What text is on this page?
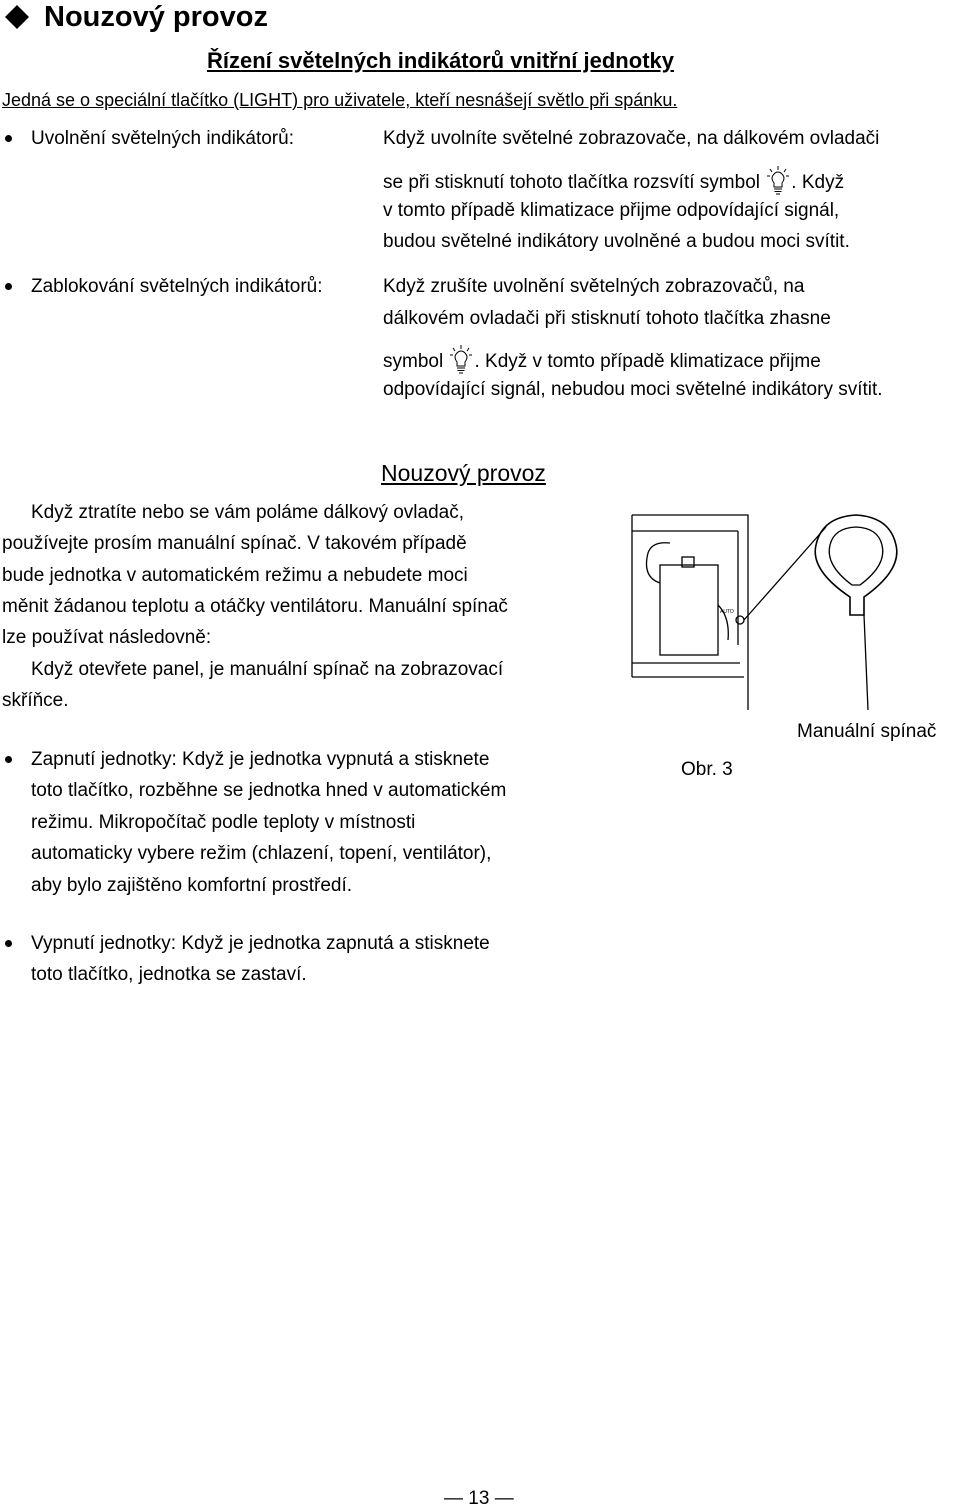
Nouzový provoz
Řízení světelných indikátorů vnitřní jednotky
Jedná se o speciální tlačítko (LIGHT) pro uživatele, kteří nesnášejí světlo při spánku.
Uvolnění světelných indikátorů:	Když uvolníte světelné zobrazovače, na dálkovém ovladači
se při stisknutí tohoto tlačítka rozsvítí symbol . Když
v tomto případě klimatizace přijme odpovídající signál,
budou světelné indikátory uvolněné a budou moci svítit.
Zablokování světelných indikátorů:	Když zrušíte uvolnění světelných zobrazovačů, na
dálkovém ovladači při stisknutí tohoto tlačítka zhasne
symbol . Když v tomto případě klimatizace přijme
odpovídající signál, nebudou moci světelné indikátory svítit.
Nouzový provoz
Když ztratíte nebo se vám poláme dálkový ovladač,
používejte prosím manuální spínač. V takovém případě
bude jednotka v automatickém režimu a nebudete moci
měnit žádanou teplotu a otáčky ventilátoru. Manuální spínač
lze používat následovně:
Když otevřete panel, je manuální spínač na zobrazovací
skříňce.
Zapnutí jednotky: Když je jednotka vypnutá a stisknete
toto tlačítko, rozběhne se jednotka hned v automatickém
režimu. Mikropočítač podle teploty v místnosti
automaticky vybere režim (chlazení, topení, ventilátor),
aby bylo zajištěno komfortní prostředí.
Vypnutí jednotky: Když je jednotka zapnutá a stisknete
toto tlačítko, jednotka se zastaví.
AUTO
Manuální spínač
Obr. 3
— 13 —
